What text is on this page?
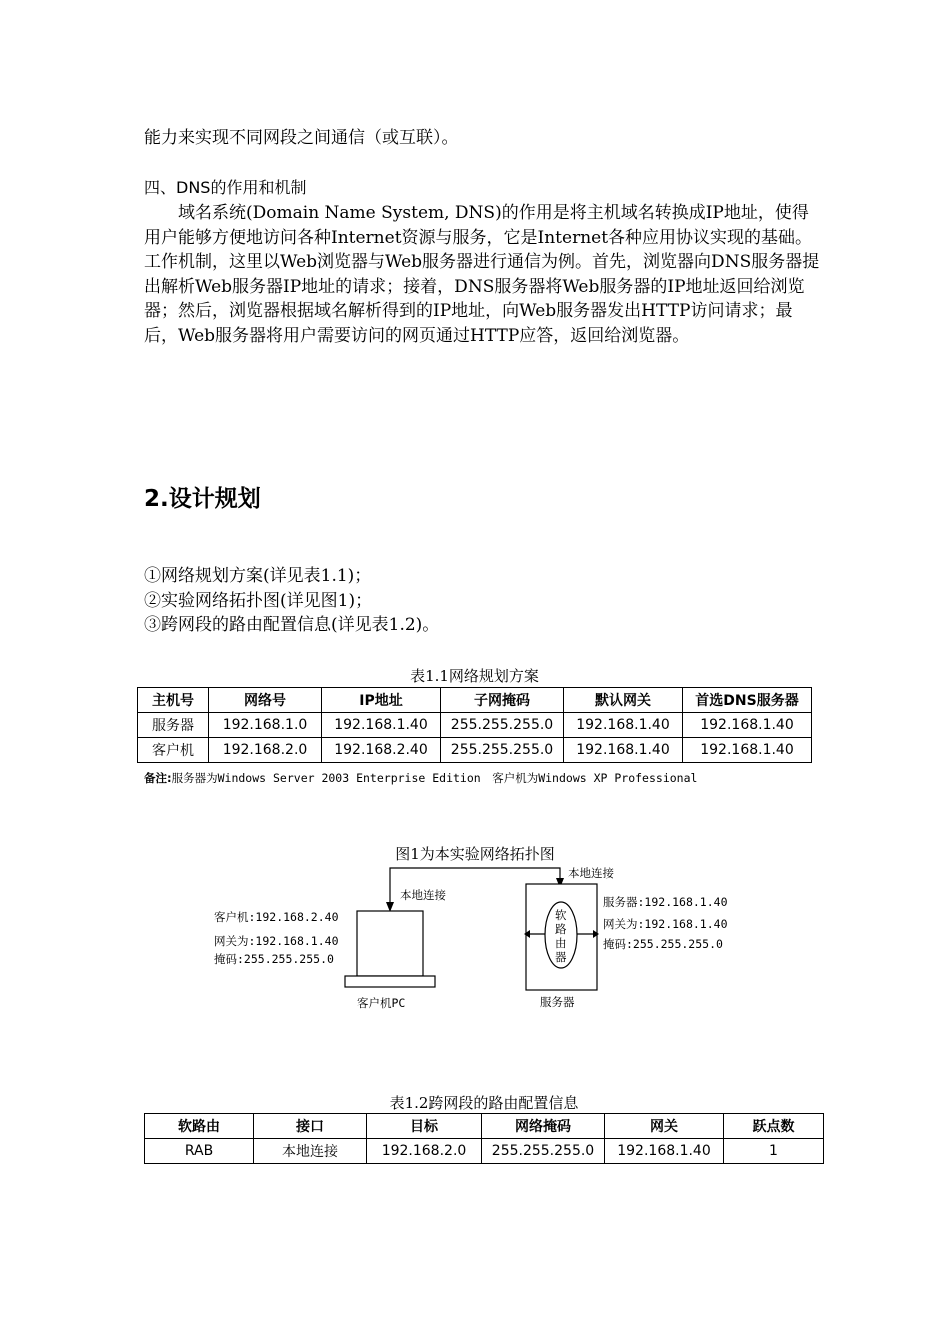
能力来实现不同网段之间通信（或互联）。

四、DNS的作用和机制

　　域名系统(Domain Name System, DNS)的作用是将主机域名转换成IP地址，使得用户能够方便地访问各种Internet资源与服务，它是Internet各种应用协议实现的基础。工作机制，这里以Web浏览器与Web服务器进行通信为例。首先，浏览器向DNS服务器提出解析Web服务器IP地址的请求；接着，DNS服务器将Web服务器的IP地址返回给浏览器；然后，浏览器根据域名解析得到的IP地址，向Web服务器发出HTTP访问请求；最后，Web服务器将用户需要访问的网页通过HTTP应答，返回给浏览器。

2.设计规划
①网络规划方案(详见表1.1)；
②实验网络拓扑图(详见图1)；
③跨网段的路由配置信息(详见表1.2)。
表1.1网络规划方案
主机号	网络号	IP地址	子网掩码	默认网关	首选DNS服务器
服务器	192.168.1.0	192.168.1.40	255.255.255.0	192.168.1.40	192.168.1.40
客户机	192.168.2.0	192.168.2.40	255.255.255.0	192.168.1.40	192.168.1.40
备注:服务器为Windows Server 2003 Enterprise Edition　客户机为Windows XP Professional
图1为本实验网络拓扑图
本地连接
本地连接
客户机:192.168.2.40
网关为:192.168.1.40
掩码:255.255.255.0
客户机PC
软
路
由
器
服务器:192.168.1.40
网关为:192.168.1.40
掩码:255.255.255.0
服务器
表1.2跨网段的路由配置信息
软路由	接口	目标	网络掩码	网关	跃点数
RAB	本地连接	192.168.2.0	255.255.255.0	192.168.1.40	1
